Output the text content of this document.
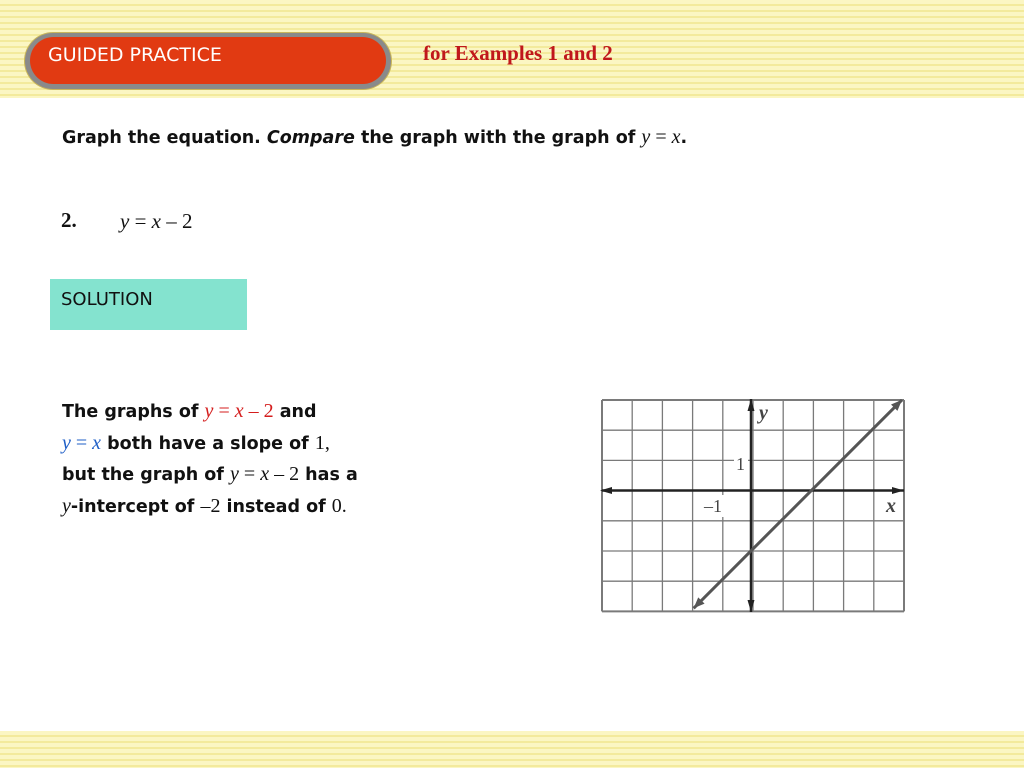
GUIDED PRACTICE	for Examples 1 and 2
Graph the equation. Compare the graph with the graph of y = x.
2. y = x – 2
SOLUTION
The graphs of y = x – 2 and
y = x both have a slope of 1,
but the graph of y = x – 2 has a
y-intercept of –2 instead of 0.
y
1
–1	x
